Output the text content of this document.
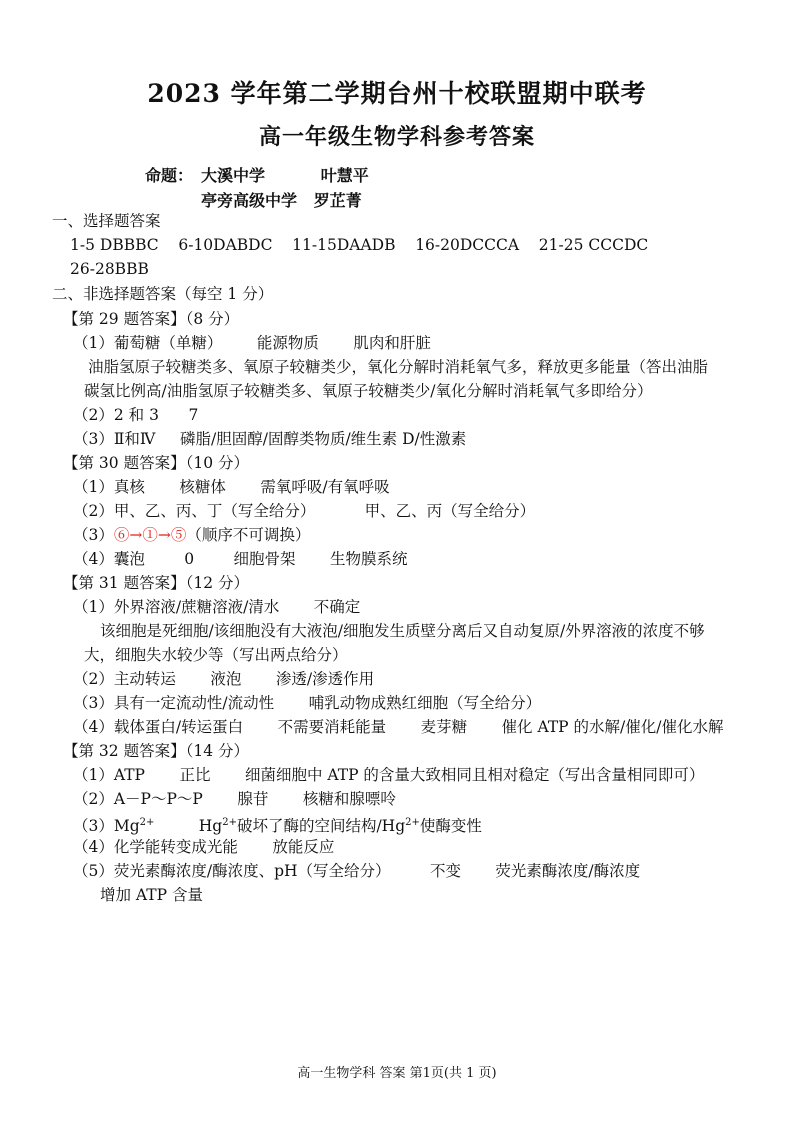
2023 学年第二学期台州十校联盟期中联考
高一年级生物学科参考答案
命题： 大溪中学          叶慧平
亭旁高级中学   罗芷菁
一、选择题答案
1-5 DBBBC    6-10DABDC    11-15DAADB    16-20DCCCA    21-25 CCCDC
26-28BBB
二、非选择题答案（每空 1 分）
【第 29 题答案】（8 分）
（1）葡萄糖（单糖）       能源物质       肌肉和肝脏
油脂氢原子较糖类多、氧原子较糖类少，氧化分解时消耗氧气多，释放更多能量（答出油脂
碳氢比例高/油脂氢原子较糖类多、氧原子较糖类少/氧化分解时消耗氧气多即给分）
（2）2 和 3      7
（3）Ⅱ和Ⅳ     磷脂/胆固醇/固醇类物质/维生素 D/性激素
【第 30 题答案】（10 分）
（1）真核       核糖体       需氧呼吸/有氧呼吸
（2）甲、乙、丙、丁（写全给分）          甲、乙、丙（写全给分）
（3）⑥→①→⑤（顺序不可调换）
（4）囊泡        0        细胞骨架       生物膜系统
【第 31 题答案】（12 分）
（1）外界溶液/蔗糖溶液/清水       不确定
该细胞是死细胞/该细胞没有大液泡/细胞发生质壁分离后又自动复原/外界溶液的浓度不够
大，细胞失水较少等（写出两点给分）
（2）主动转运       液泡       渗透/渗透作用
（3）具有一定流动性/流动性       哺乳动物成熟红细胞（写全给分）
（4）载体蛋白/转运蛋白       不需要消耗能量       麦芽糖       催化 ATP 的水解/催化/催化水解
【第 32 题答案】（14 分）
（1）ATP       正比       细菌细胞中 ATP 的含量大致相同且相对稳定（写出含量相同即可）
（2）A－P～P～P       腺苷       核糖和腺嘌呤
$(3)Mg^{2+}$         $Hg^{2+}$破坏了酶的空间结构$/Hg^{2+}$使酶变性
（4）化学能转变成光能       放能反应
（5）荧光素酶浓度/酶浓度、pH（写全给分）        不变       荧光素酶浓度/酶浓度
增加 ATP 含量
高一生物学科 答案 第1页(共 1 页)
